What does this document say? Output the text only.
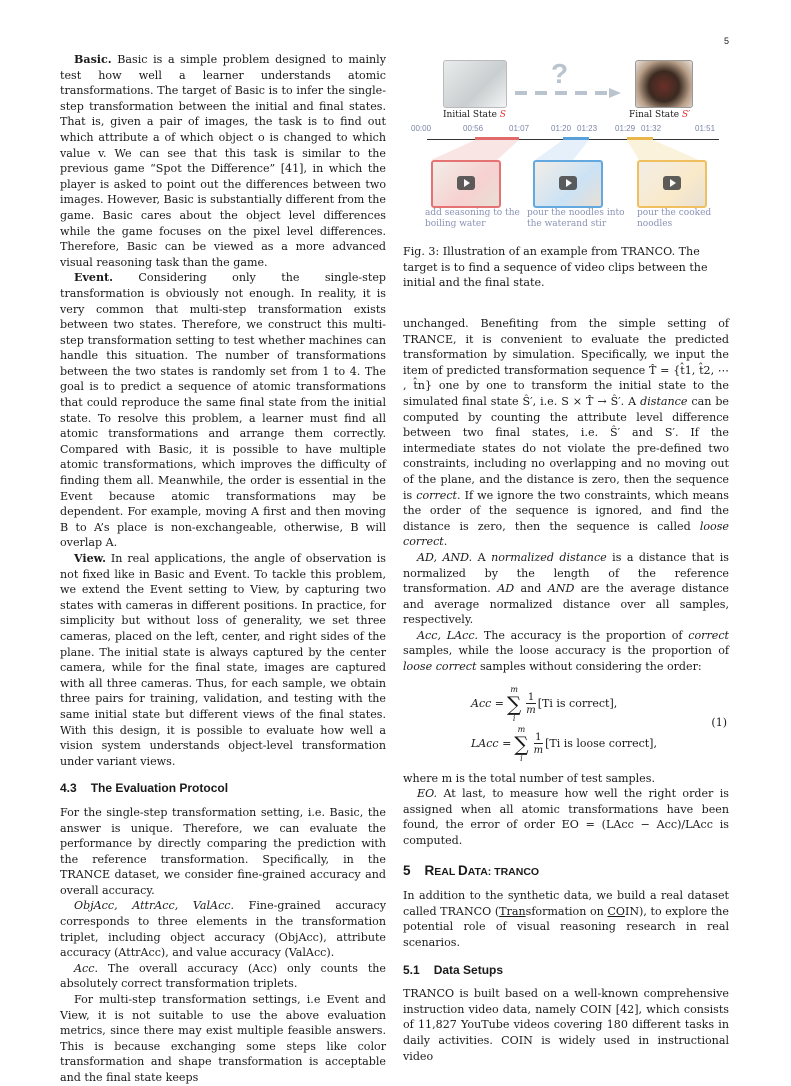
5

Basic. Basic is a simple problem designed to mainly test how well a learner understands atomic transformations. The target of Basic is to infer the single-step transformation between the initial and final states. That is, given a pair of images, the task is to find out which attribute a of which object o is changed to which value v. We can see that this task is similar to the previous game “Spot the Difference” [41], in which the player is asked to point out the differences between two images. However, Basic is substantially different from the game. Basic cares about the object level differences while the game focuses on the pixel level differences. Therefore, Basic can be viewed as a more advanced visual reasoning task than the game.

Event. Considering only the single-step transformation is obviously not enough. In reality, it is very common that multi-step transformation exists between two states. Therefore, we construct this multi-step transformation setting to test whether machines can handle this situation. The number of transformations between the two states is randomly set from 1 to 4. The goal is to predict a sequence of atomic transformations that could reproduce the same final state from the initial state. To resolve this problem, a learner must find all atomic transformations and arrange them correctly. Compared with Basic, it is possible to have multiple atomic transformations, which improves the difficulty of finding them all. Meanwhile, the order is essential in the Event because atomic transformations may be dependent. For example, moving A first and then moving B to A’s place is non-exchangeable, otherwise, B will overlap A.

View. In real applications, the angle of observation is not fixed like in Basic and Event. To tackle this problem, we extend the Event setting to View, by capturing two states with cameras in different positions. In practice, for simplicity but without loss of generality, we set three cameras, placed on the left, center, and right sides of the plane. The initial state is always captured by the center camera, while for the final state, images are captured with all three cameras. Thus, for each sample, we obtain three pairs for training, validation, and testing with the same initial state but different views of the final states. With this design, it is possible to evaluate how well a vision system understands object-level transformation under variant views.

4.3 The Evaluation Protocol

For the single-step transformation setting, i.e. Basic, the answer is unique. Therefore, we can evaluate the performance by directly comparing the prediction with the reference transformation. Specifically, in the TRANCE dataset, we consider fine-grained accuracy and overall accuracy.

ObjAcc, AttrAcc, ValAcc. Fine-grained accuracy corresponds to three elements in the transformation triplet, including object accuracy (ObjAcc), attribute accuracy (AttrAcc), and value accuracy (ValAcc).

Acc. The overall accuracy (Acc) only counts the absolutely correct transformation triplets.

For multi-step transformation settings, i.e Event and View, it is not suitable to use the above evaluation metrics, since there may exist multiple feasible answers. This is because exchanging some steps like color transformation and shape transformation is acceptable and the final state keeps

?
Initial State S	Final State S′
00:00	00:56	01:07	01:20 01:23 01:29 01:32	01:51
add seasoning to the boiling water
pour the noodles into the waterand stir
pour the cooked noodles
Fig. 3: Illustration of an example from TRANCO. The target is to find a sequence of video clips between the initial and the final state.

unchanged. Benefiting from the simple setting of TRANCE, it is convenient to evaluate the predicted transformation by simulation. Specifically, we input the item of predicted transformation sequence T̂ = {t̂1, t̂2, ⋯ , t̂n} one by one to transform the initial state to the simulated final state Ŝ′, i.e. S × T̂ → Ŝ′. A distance can be computed by counting the attribute level difference between two final states, i.e. Ŝ′ and S′. If the intermediate states do not violate the pre-defined two constraints, including no overlapping and no moving out of the plane, and the distance is zero, then the sequence is correct. If we ignore the two constraints, which means the order of the sequence is ignored, and find the distance is zero, then the sequence is called loose correct.

AD, AND. A normalized distance is a distance that is normalized by the length of the reference transformation. AD and AND are the average distance and average normalized distance over all samples, respectively.

Acc, LAcc. The accuracy is the proportion of correct samples, while the loose accuracy is the proportion of loose correct samples without considering the order:

Acc =
m
∑
i
$\frac{1}{m} [Ti$ is correct],
LAcc =
m
∑
i
$\frac{1}{m} [Ti$ is loose correct],
(1)

where m is the total number of test samples.

EO. At last, to measure how well the right order is assigned when all atomic transformations have been found, the error of order EO = (LAcc − Acc)/LAcc is computed.

5 REAL DATA: TRANCO

In addition to the synthetic data, we build a real dataset called TRANCO (Transformation on COIN), to explore the potential role of visual reasoning research in real scenarios.

5.1 Data Setups

TRANCO is built based on a well-known comprehensive instruction video data, namely COIN [42], which consists of 11,827 YouTube videos covering 180 different tasks in daily activities. COIN is widely used in instructional video
